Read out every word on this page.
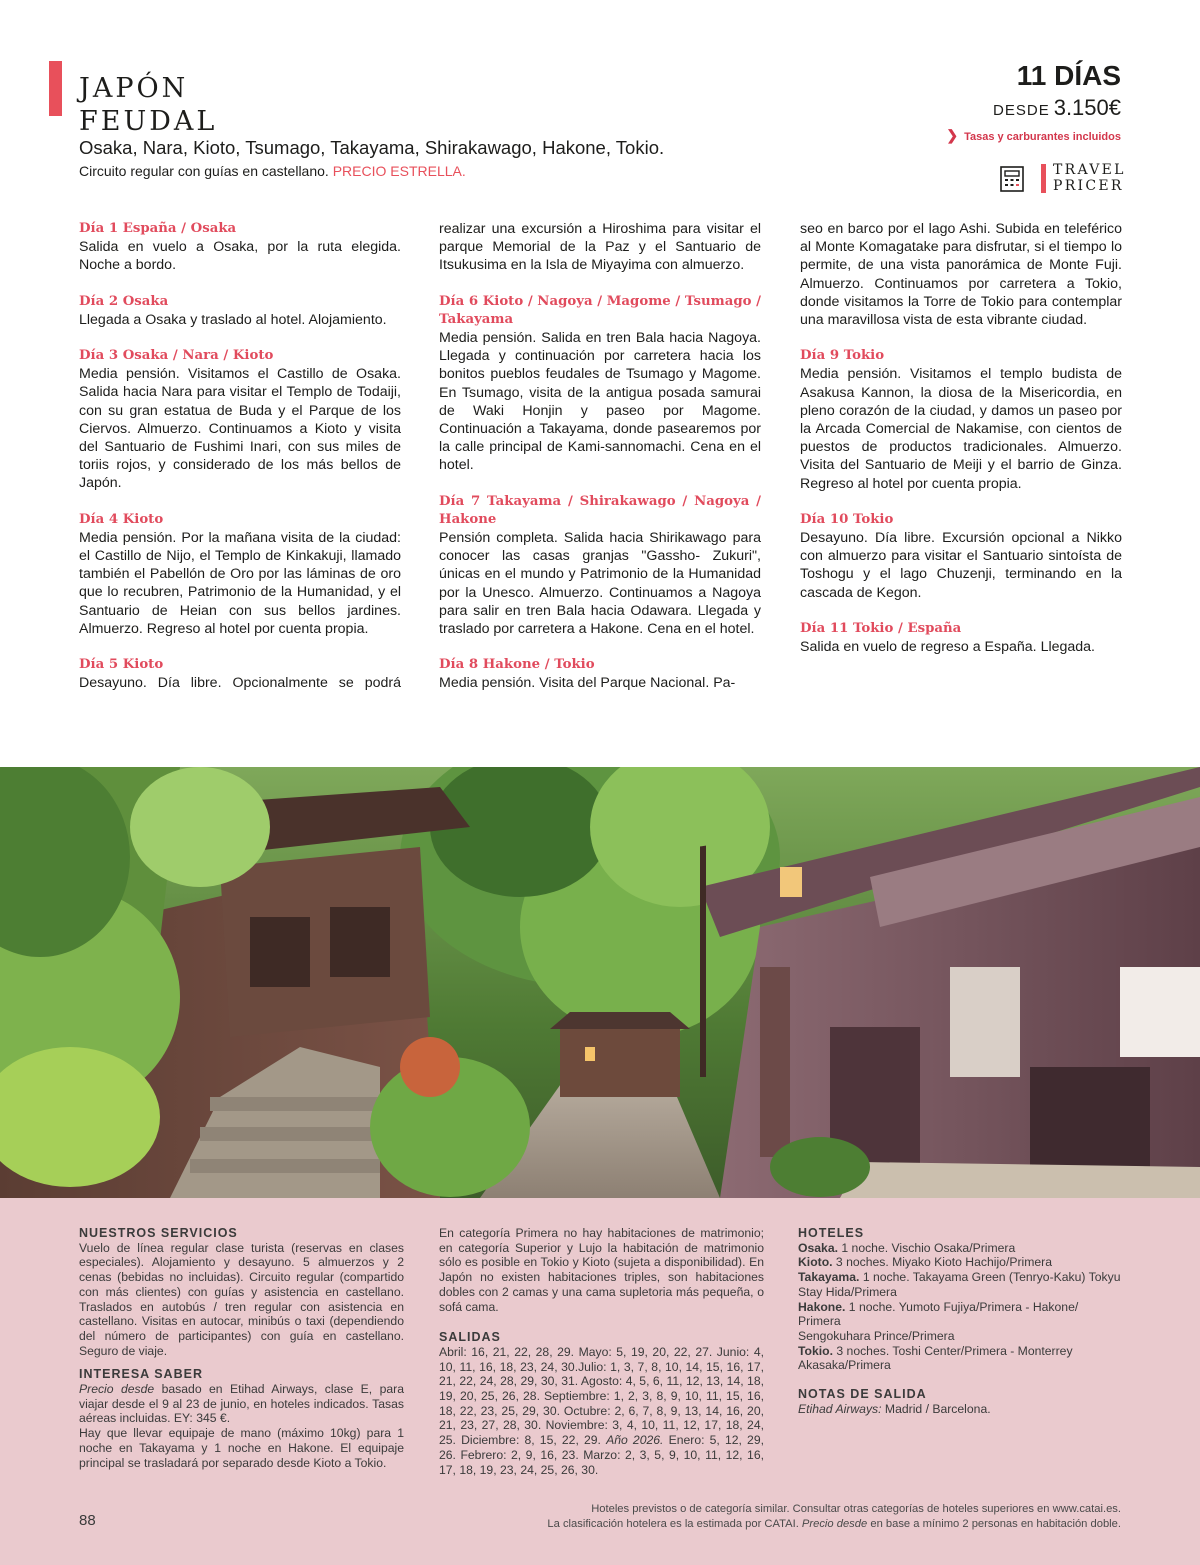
JAPÓN
FEUDAL
Osaka, Nara, Kioto, Tsumago, Takayama, Shirakawago, Hakone, Tokio.
Circuito regular con guías en castellano. PRECIO ESTRELLA.
11 DÍAS
DESDE 3.150€
❯ Tasas y carburantes incluidos
TRAVEL
PRICER

Día 1 España / Osaka

Salida en vuelo a Osaka, por la ruta elegida. Noche a bordo.

Día 2 Osaka

Llegada a Osaka y traslado al hotel. Alojamiento.

Día 3 Osaka / Nara / Kioto

Media pensión. Visitamos el Castillo de Osaka. Salida hacia Nara para visitar el Templo de Todaiji, con su gran estatua de Buda y el Parque de los Ciervos. Almuerzo. Continuamos a Kioto y visita del Santuario de Fushimi Inari, con sus miles de toriis rojos, y considerado de los más bellos de Japón.

Día 4 Kioto

Media pensión. Por la mañana visita de la ciudad: el Castillo de Nijo, el Templo de Kinkakuji, llamado también el Pabellón de Oro por las láminas de oro que lo recubren, Patrimonio de la Humanidad, y el Santuario de Heian con sus bellos jardines. Almuerzo. Regreso al hotel por cuenta propia.

Día 5 Kioto

Desayuno. Día libre. Opcionalmente se podrá

realizar una excursión a Hiroshima para visitar el parque Memorial de la Paz y el Santuario de Itsukusima en la Isla de Miyayima con almuerzo.

Día 6 Kioto / Nagoya / Magome / Tsumago / Takayama

Media pensión. Salida en tren Bala hacia Nagoya. Llegada y continuación por carretera hacia los bonitos pueblos feudales de Tsumago y Magome. En Tsumago, visita de la antigua posada samurai de Waki Honjin y paseo por Magome. Continuación a Takayama, donde pasearemos por la calle principal de Kami-sannomachi. Cena en el hotel.

Día 7 Takayama / Shirakawago / Nagoya / Hakone

Pensión completa. Salida hacia Shirikawago para conocer las casas granjas "Gassho- Zukuri", únicas en el mundo y Patrimonio de la Humanidad por la Unesco. Almuerzo. Continuamos a Nagoya para salir en tren Bala hacia Odawara. Llegada y traslado por carretera a Hakone. Cena en el hotel.

Día 8 Hakone / Tokio

Media pensión. Visita del Parque Nacional. Pa-

seo en barco por el lago Ashi. Subida en teleférico al Monte Komagatake para disfrutar, si el tiempo lo permite, de una vista panorámica de Monte Fuji. Almuerzo. Continuamos por carretera a Tokio, donde visitamos la Torre de Tokio para contemplar una maravillosa vista de esta vibrante ciudad.

Día 9 Tokio

Media pensión. Visitamos el templo budista de Asakusa Kannon, la diosa de la Misericordia, en pleno corazón de la ciudad, y damos un paseo por la Arcada Comercial de Nakamise, con cientos de puestos de productos tradicionales. Almuerzo. Visita del Santuario de Meiji y el barrio de Ginza. Regreso al hotel por cuenta propia.

Día 10 Tokio

Desayuno. Día libre. Excursión opcional a Nikko con almuerzo para visitar el Santuario sintoísta de Toshogu y el lago Chuzenji, terminando en la cascada de Kegon.

Día 11 Tokio / España

Salida en vuelo de regreso a España. Llegada.

NUESTROS SERVICIOS

Vuelo de línea regular clase turista (reservas en clases especiales). Alojamiento y desayuno. 5 almuerzos y 2 cenas (bebidas no incluidas). Circuito regular (compartido con más clientes) con guías y asistencia en castellano. Traslados en autobús / tren regular con asistencia en castellano. Visitas en autocar, minibús o taxi (dependiendo del número de participantes) con guía en castellano. Seguro de viaje.

INTERESA SABER

Precio desde basado en Etihad Airways, clase E, para viajar desde el 9 al 23 de junio, en hoteles indicados. Tasas aéreas incluidas. EY: 345 €.

Hay que llevar equipaje de mano (máximo 10kg) para 1 noche en Takayama y 1 noche en Hakone. El equipaje principal se trasladará por separado desde Kioto a Tokio.

En categoría Primera no hay habitaciones de matrimonio; en categoría Superior y Lujo la habitación de matrimonio sólo es posible en Tokio y Kioto (sujeta a disponibilidad). En Japón no existen habitaciones triples, son habitaciones dobles con 2 camas y una cama supletoria más pequeña, o sofá cama.

SALIDAS

Abril: 16, 21, 22, 28, 29. Mayo: 5, 19, 20, 22, 27. Junio: 4, 10, 11, 16, 18, 23, 24, 30.Julio: 1, 3, 7, 8, 10, 14, 15, 16, 17, 21, 22, 24, 28, 29, 30, 31. Agosto: 4, 5, 6, 11, 12, 13, 14, 18, 19, 20, 25, 26, 28. Septiembre: 1, 2, 3, 8, 9, 10, 11, 15, 16, 18, 22, 23, 25, 29, 30. Octubre: 2, 6, 7, 8, 9, 13, 14, 16, 20, 21, 23, 27, 28, 30. Noviembre: 3, 4, 10, 11, 12, 17, 18, 24, 25. Diciembre: 8, 15, 22, 29. Año 2026. Enero: 5, 12, 29, 26. Febrero: 2, 9, 16, 23. Marzo: 2, 3, 5, 9, 10, 11, 12, 16, 17, 18, 19, 23, 24, 25, 26, 30.

HOTELES

Osaka. 1 noche. Vischio Osaka/Primera

Kioto. 3 noches. Miyako Kioto Hachijo/Primera

Takayama. 1 noche. Takayama Green (Tenryo-Kaku) Tokyu Stay Hida/Primera

Hakone. 1 noche. Yumoto Fujiya/Primera - Hakone/ Primera

Sengokuhara Prince/Primera

Tokio. 3 noches. Toshi Center/Primera - Monterrey Akasaka/Primera

NOTAS DE SALIDA

Etihad Airways: Madrid / Barcelona.

88
Hoteles previstos o de categoría similar. Consultar otras categorías de hoteles superiores en www.catai.es.
La clasificación hotelera es la estimada por CATAI. Precio desde en base a mínimo 2 personas en habitación doble.
